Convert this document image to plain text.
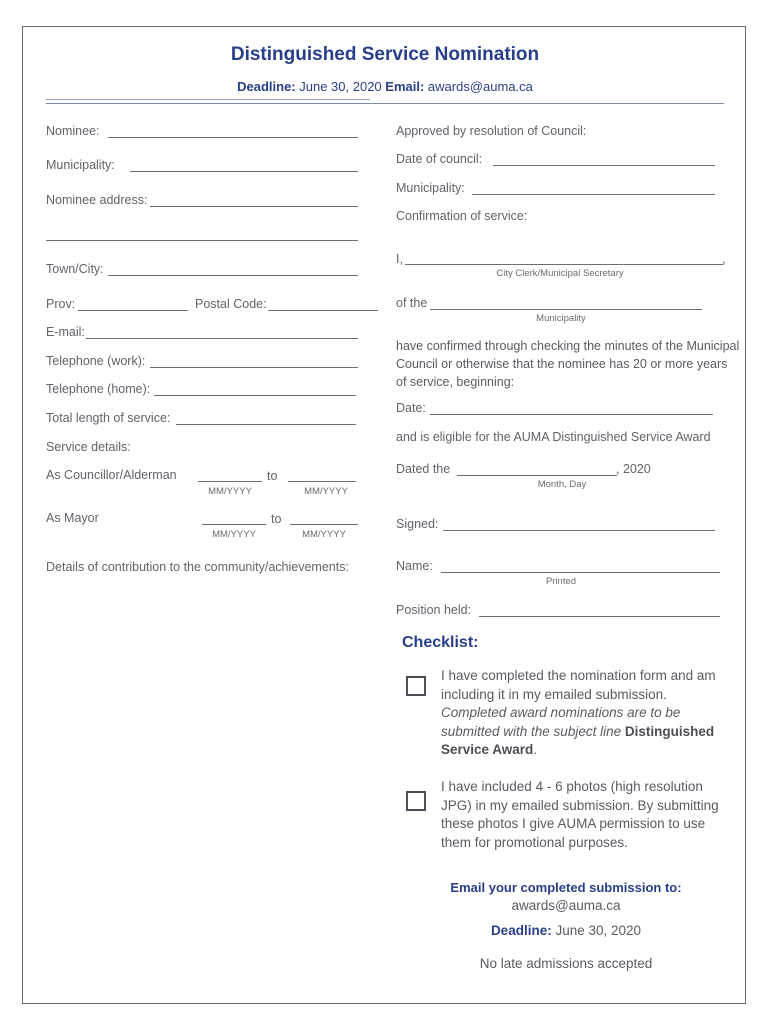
Distinguished Service Nomination
Deadline: June 30, 2020 Email: awards@auma.ca
Nominee:
Municipality:
Nominee address:
Town/City:
Prov:	Postal Code:
E-mail:
Telephone (work):
Telephone (home):
Total length of service:
Service details:
As Councillor/Alderman	to
MM/YYYY	MM/YYYY
As Mayor	to
MM/YYYY	MM/YYYY
Details of contribution to the community/achievements:
Approved by resolution of Council:
Date of council:
Municipality:
Confirmation of service:
I,	,
City Clerk/Municipal Secretary
of the
Municipality
have confirmed through checking the minutes of the Municipal Council or otherwise that the nominee has 20 or more years of service, beginning:
Date:
and is eligible for the AUMA Distinguished Service Award
Dated the	, 2020
Month, Day
Signed:
Name:
Printed
Position held:
Checklist:
I have completed the nomination form and am including it in my emailed submission. Completed award nominations are to be submitted with the subject line Distinguished Service Award.
I have included 4 - 6 photos (high resolution JPG) in my emailed submission. By submitting these photos I give AUMA permission to use them for promotional purposes.
Email your completed submission to:
awards@auma.ca
Deadline: June 30, 2020
No late admissions accepted
